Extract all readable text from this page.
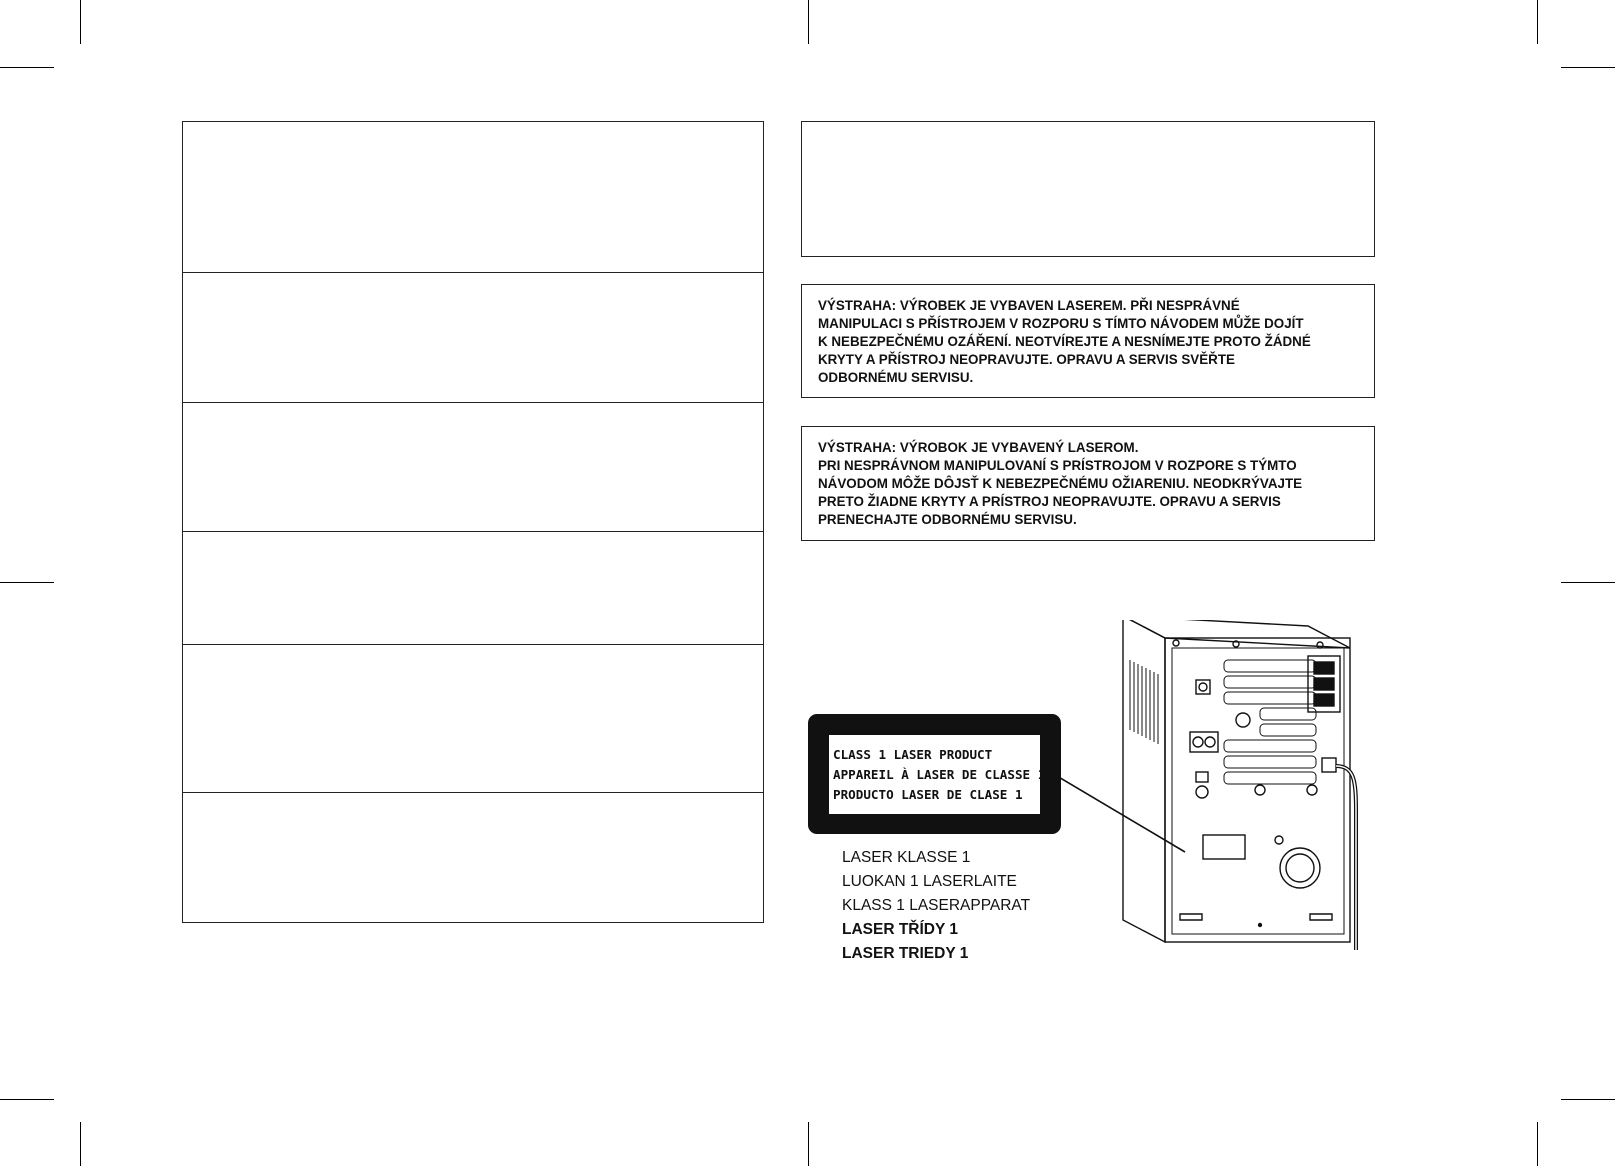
VÝSTRAHA: VÝROBEK JE VYBAVEN LASEREM. PŘI NESPRÁVNÉ
MANIPULACI S PŘÍSTROJEM V ROZPORU S TÍMTO NÁVODEM MŮŽE DOJÍT
K NEBEZPEČNÉMU OZÁŘENÍ. NEOTVÍREJTE A NESNÍMEJTE PROTO ŽÁDNÉ
KRYTY A PŘÍSTROJ NEOPRAVUJTE. OPRAVU A SERVIS SVĚŘTE
ODBORNÉMU SERVISU.
VÝSTRAHA: VÝROBOK JE VYBAVENÝ LASEROM.
PRI NESPRÁVNOM MANIPULOVANÍ S PRÍSTROJOM V ROZPORE S TÝMTO
NÁVODOM MÔŽE DÔJSŤ K NEBEZPEČNÉMU OŽIARENIU. NEODKRÝVAJTE
PRETO ŽIADNE KRYTY A PRÍSTROJ NEOPRAVUJTE. OPRAVU A SERVIS
PRENECHAJTE ODBORNÉMU SERVISU.
CLASS 1 LASER PRODUCT
APPAREIL À LASER DE CLASSE 1
PRODUCTO LASER DE CLASE 1
LASER KLASSE 1
LUOKAN 1 LASERLAITE
KLASS 1 LASERAPPARAT
LASER TŘÍDY 1
LASER TRIEDY 1
